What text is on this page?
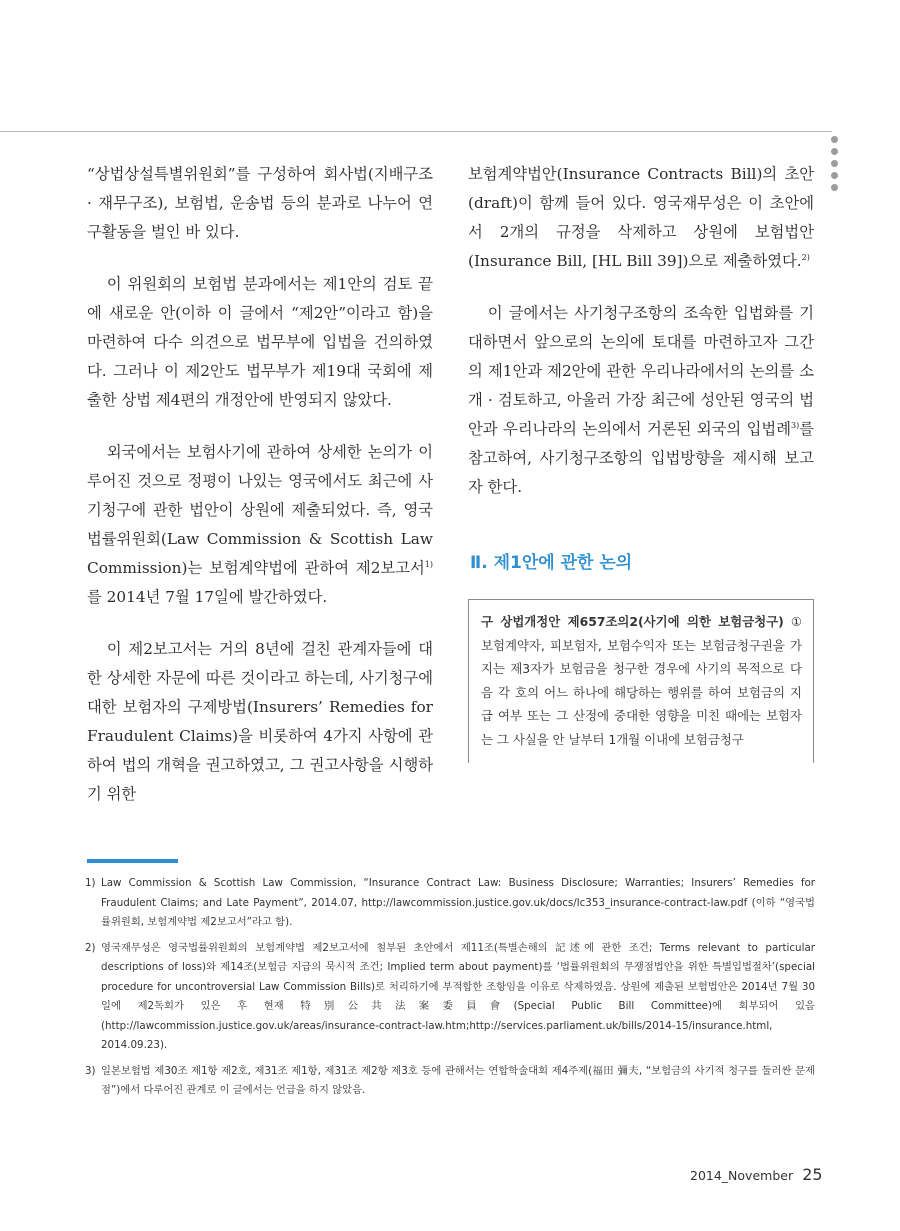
“상법상설특별위원회”를 구성하여 회사법(지배구조 · 재무구조), 보험법, 운송법 등의 분과로 나누어 연구활동을 벌인 바 있다.

이 위원회의 보험법 분과에서는 제1안의 검토 끝에 새로운 안(이하 이 글에서 “제2안”이라고 함)을 마련하여 다수 의견으로 법무부에 입법을 건의하였다. 그러나 이 제2안도 법무부가 제19대 국회에 제출한 상법 제4편의 개정안에 반영되지 않았다.

외국에서는 보험사기에 관하여 상세한 논의가 이루어진 것으로 정평이 나있는 영국에서도 최근에 사기청구에 관한 법안이 상원에 제출되었다. 즉, 영국법률위원회(Law Commission & Scottish Law Commission)는 보험계약법에 관하여 제2보고서$^{1)}$를 2014년 7월 17일에 발간하였다.

이 제2보고서는 거의 8년에 걸친 관계자들에 대한 상세한 자문에 따른 것이라고 하는데, 사기청구에 대한 보험자의 구제방법(Insurers’ Remedies for Fraudulent Claims)을 비롯하여 4가지 사항에 관하여 법의 개혁을 권고하였고, 그 권고사항을 시행하기 위한

보험계약법안(Insurance Contracts Bill)의 초안(draft)이 함께 들어 있다. 영국재무성은 이 초안에서 2개의 규정을 삭제하고 상원에 보험법안(Insurance Bill, [HL Bill 39])으로 제출하였다.$^{2)}$

이 글에서는 사기청구조항의 조속한 입법화를 기대하면서 앞으로의 논의에 토대를 마련하고자 그간의 제1안과 제2안에 관한 우리나라에서의 논의를 소개 · 검토하고, 아울러 가장 최근에 성안된 영국의 법안과 우리나라의 논의에서 거론된 외국의 입법례$^{3)}$를 참고하여, 사기청구조항의 입법방향을 제시해 보고자 한다.

Ⅱ. 제1안에 관한 논의
구 상법개정안 제657조의2(사기에 의한 보험금청구) ① 보험계약자, 피보험자, 보험수익자 또는 보험금청구권을 가지는 제3자가 보험금을 청구한 경우에 사기의 목적으로 다음 각 호의 어느 하나에 해당하는 행위를 하여 보험금의 지급 여부 또는 그 산정에 중대한 영향을 미친 때에는 보험자는 그 사실을 안 날부터 1개월 이내에 보험금청구
1) Law Commission & Scottish Law Commission, “Insurance Contract Law: Business Disclosure; Warranties; Insurers’ Remedies for Fraudulent Claims; and Late Payment”, 2014.07, http://lawcommission.justice.gov.uk/docs/lc353_insurance-contract-law.pdf (이하 “영국법률위원회, 보험계약법 제2보고서”라고 함).
2) 영국재무성은 영국법률위원회의 보험계약법 제2보고서에 첨부된 초안에서 제11조(특별손해의 記述에 관한 조건; Terms relevant to particular descriptions of loss)와 제14조(보험금 지급의 묵시적 조건; Implied term about payment)를 ‘법률위원회의 무쟁점법안을 위한 특별입법절차’(special procedure for uncontroversial Law Commission Bills)로 처리하기에 부적합한 조항임을 이유로 삭제하였음. 상원에 제출된 보험법안은 2014년 7월 30일에 제2독회가 있은 후 현재 特別公共法案委員會(Special Public Bill Committee)에 회부되어 있음(http://lawcommission.justice.gov.uk/areas/insurance-contract-law.htm;http://services.parliament.uk/bills/2014-15/insurance.html, 2014.09.23).
3) 일본보험법 제30조 제1항 제2호, 제31조 제1항, 제31조 제2항 제3호 등에 관해서는 연합학술대회 제4주제(福田 彌夫, “보험금의 사기적 청구를 둘러싼 문제점”)에서 다루어진 관계로 이 글에서는 언급을 하지 않았음.
2014_November 25
